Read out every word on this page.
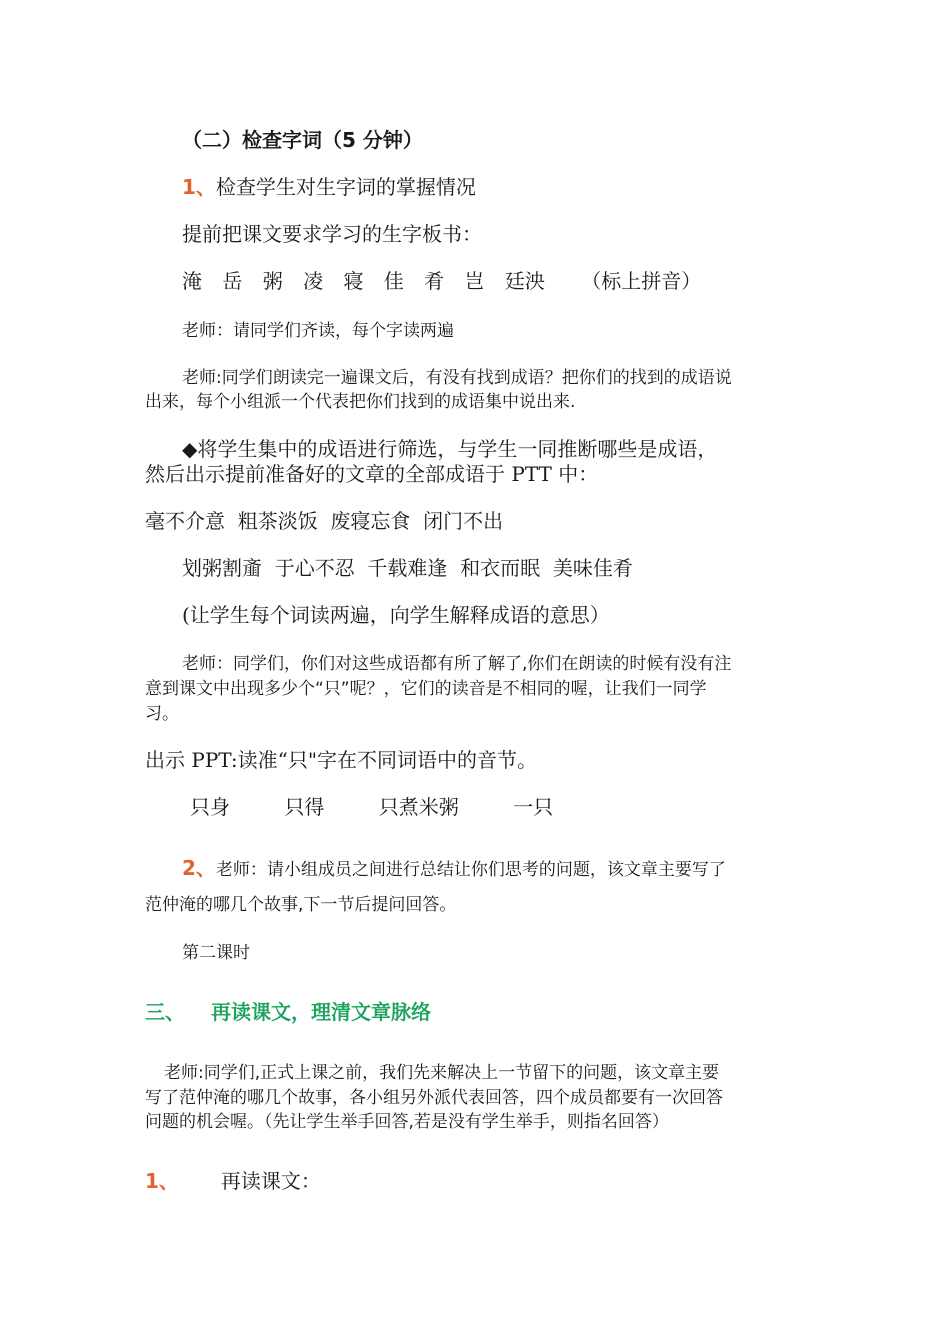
（二）检查字词（5 分钟）
1、检查学生对生字词的掌握情况
提前把课文要求学习的生字板书：
淹 岳 粥 凌 寝 佳 肴 岂 廷泱 （标上拼音）
老师：请同学们齐读，每个字读两遍
老师:同学们朗读完一遍课文后，有没有找到成语？把你们的找到的成语说
出来，每个小组派一个代表把你们找到的成语集中说出来.
◆将学生集中的成语进行筛选，与学生一同推断哪些是成语，
然后出示提前准备好的文章的全部成语于 PTT 中：
毫不介意  粗茶淡饭  废寝忘食  闭门不出
划粥割齑  于心不忍  千载难逢  和衣而眠  美味佳肴
(让学生每个词读两遍，向学生解释成语的意思）
老师：同学们，你们对这些成语都有所了解了,你们在朗读的时候有没有注
意到课文中出现多少个“只”呢？，它们的读音是不相同的喔，让我们一同学
习。
出示 PPT:读准“只"字在不同词语中的音节。
只身	只得	只煮米粥	一只
2、老师：请小组成员之间进行总结让你们思考的问题，该文章主要写了
范仲淹的哪几个故事,下一节后提问回答。
第二课时
三、 再读课文，理清文章脉络
老师:同学们,正式上课之前，我们先来解决上一节留下的问题，该文章主要
写了范仲淹的哪几个故事，各小组另外派代表回答，四个成员都要有一次回答
问题的机会喔。（先让学生举手回答,若是没有学生举手，则指名回答）
1、 再读课文：
